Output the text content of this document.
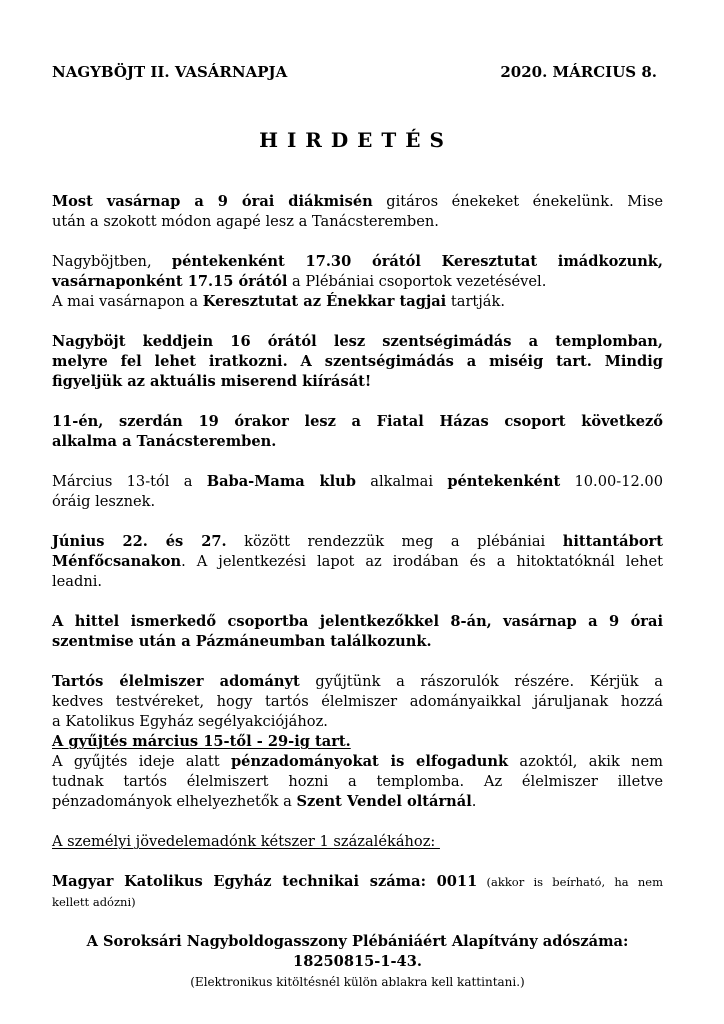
NAGYBÖJT II. VASÁRNAPJA	2020. MÁRCIUS 8.
H I R D E T É S
Most vasárnap a 9 órai diákmisén gitáros énekeket énekelünk. Mise
után a szokott módon agapé lesz a Tanácsteremben.
Nagyböjtben, péntekenként 17.30 órától Keresztutat imádkozunk,
vasárnaponként 17.15 órától a Plébániai csoportok vezetésével.
A mai vasárnapon a Keresztutat az Énekkar tagjai tartják.
Nagyböjt keddjein 16 órától lesz szentségimádás a templomban,
melyre fel lehet iratkozni. A szentségimádás a miséig tart. Mindig
figyeljük az aktuális miserend kiírását!
11-én, szerdán 19 órakor lesz a Fiatal Házas csoport következő
alkalma a Tanácsteremben.
Március 13-tól a Baba-Mama klub alkalmai péntekenként 10.00-12.00
óráig lesznek.
Június 22. és 27. között rendezzük meg a plébániai hittantábort
Ménfőcsanakon. A jelentkezési lapot az irodában és a hitoktatóknál lehet
leadni.
A hittel ismerkedő csoportba jelentkezőkkel 8-án, vasárnap a 9 órai
szentmise után a Pázmáneumban találkozunk.
Tartós élelmiszer adományt gyűjtünk a rászorulók részére. Kérjük a
kedves testvéreket, hogy tartós élelmiszer adományaikkal járuljanak hozzá
a Katolikus Egyház segélyakciójához.
A gyűjtés március 15-től - 29-ig tart.
A gyűjtés ideje alatt pénzadományokat is elfogadunk azoktól, akik nem
tudnak tartós élelmiszert hozni a templomba. Az élelmiszer illetve
pénzadományok elhelyezhetők a Szent Vendel oltárnál.
A személyi jövedelemadónk kétszer 1 százalékához:
Magyar Katolikus Egyház technikai száma: 0011 (akkor is beírható, ha nem
kellett adózni)
A Soroksári Nagyboldogasszony Plébániáért Alapítvány adószáma:
18250815-1-43.
(Elektronikus kitöltésnél külön ablakra kell kattintani.)
